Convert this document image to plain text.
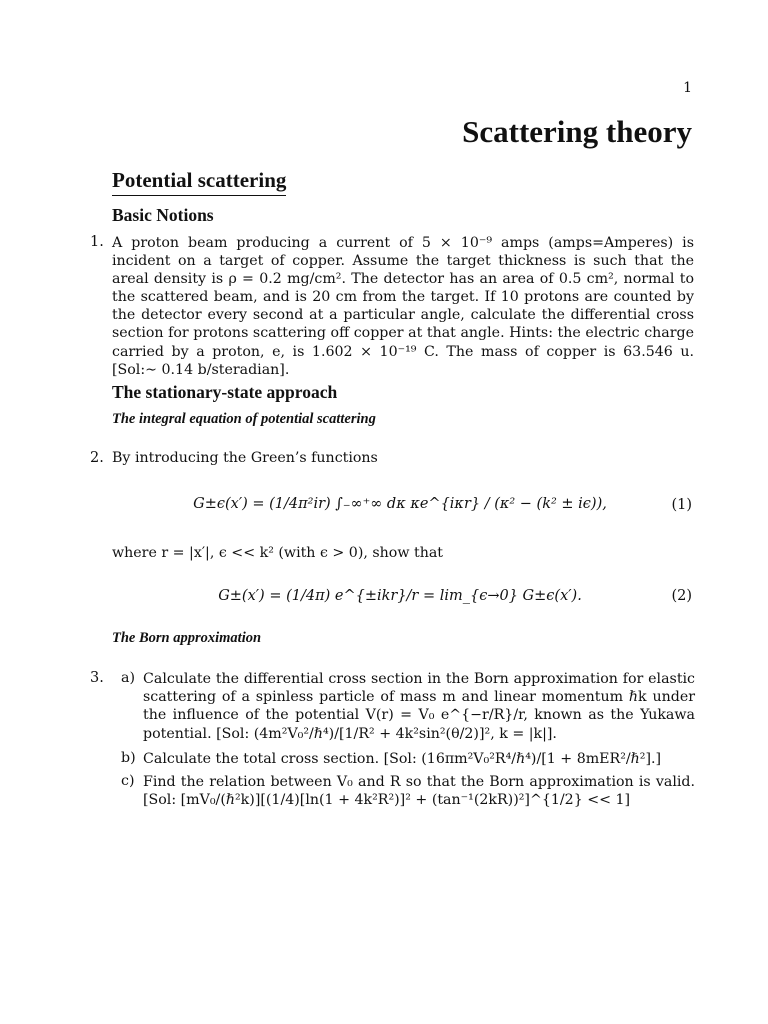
1
Scattering theory
Potential scattering
Basic Notions
1. A proton beam producing a current of 5 × 10⁻⁹ amps (amps=Amperes) is incident on a target of copper. Assume the target thickness is such that the areal density is ρ = 0.2 mg/cm². The detector has an area of 0.5 cm², normal to the scattered beam, and is 20 cm from the target. If 10 protons are counted by the detector every second at a particular angle, calculate the differential cross section for protons scattering off copper at that angle. Hints: the electric charge carried by a proton, e, is 1.602 × 10⁻¹⁹ C. The mass of copper is 63.546 u. [Sol:∼ 0.14 b/steradian].
The stationary-state approach
The integral equation of potential scattering
2. By introducing the Green’s functions
G±ϵ(x′) = (1/4π²ir) ∫₋∞⁺∞ dκ κe^{iκr} / (κ² − (k² ± iϵ)),	(1)
where r = |x′|, ϵ << k² (with ϵ > 0), show that
G±(x′) = (1/4π) e^{±ikr}/r = lim_{ϵ→0} G±ϵ(x′).	(2)
The Born approximation
3. a) Calculate the differential cross section in the Born approximation for elastic scattering of a spinless particle of mass m and linear momentum ℏk under the influence of the potential V(r) = V₀ e^{−r/R}/r, known as the Yukawa potential. [Sol: (4m²V₀²/ℏ⁴)/[1/R² + 4k²sin²(θ/2)]², k = |k|].
b) Calculate the total cross section. [Sol: (16πm²V₀²R⁴/ℏ⁴)/[1 + 8mER²/ℏ²].]
c) Find the relation between V₀ and R so that the Born approximation is valid. [Sol: [mV₀/(ℏ²k)][(1/4)[ln(1 + 4k²R²)]² + (tan⁻¹(2kR))²]^{1/2} << 1]
